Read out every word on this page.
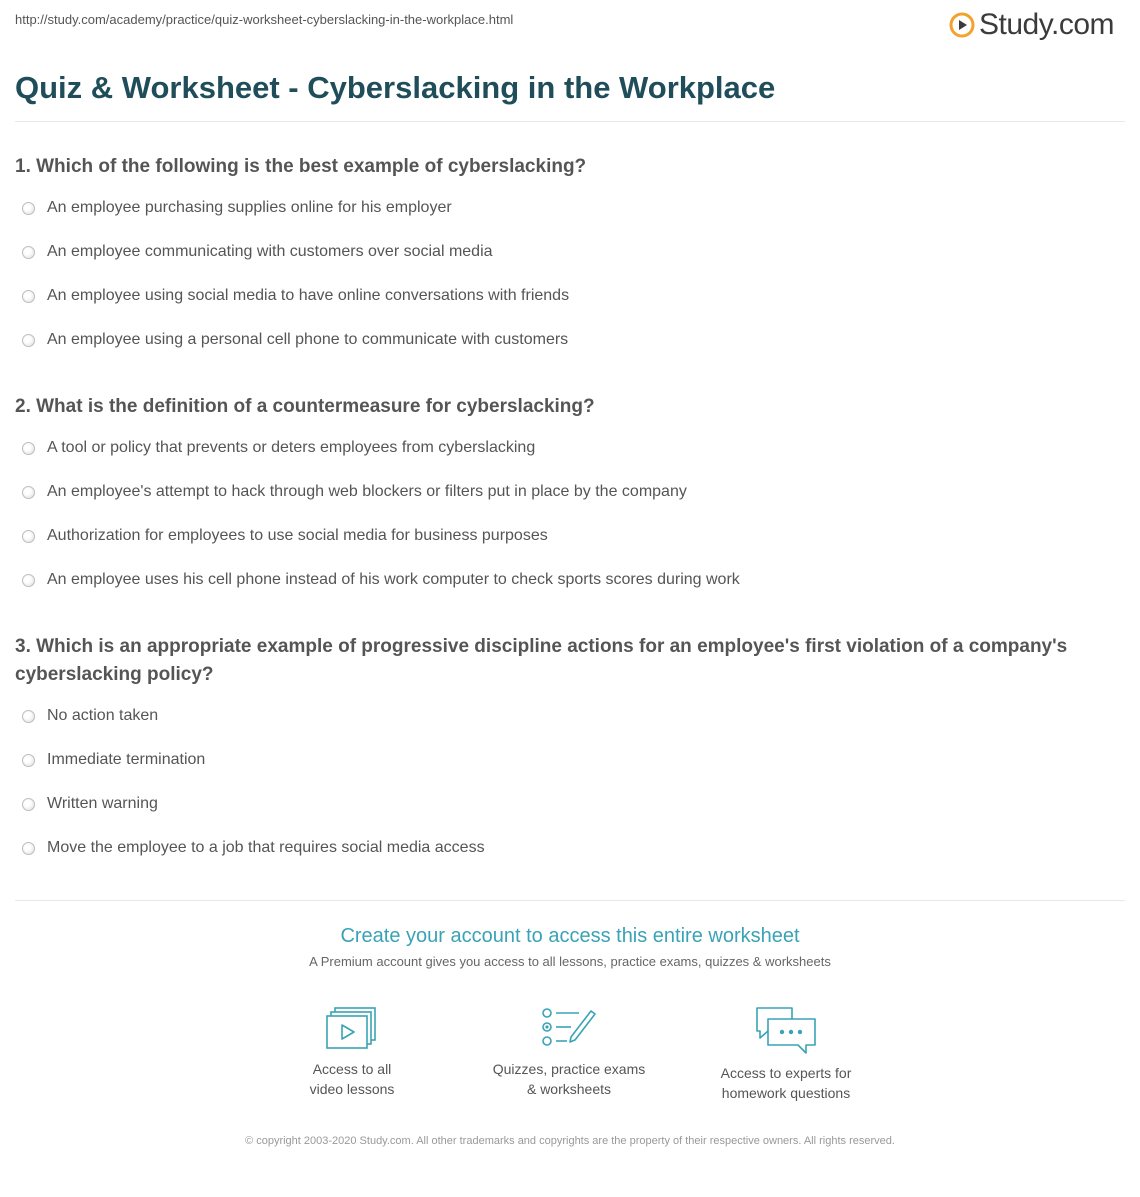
http://study.com/academy/practice/quiz-worksheet-cyberslacking-in-the-workplace.html	Study.com
Quiz & Worksheet - Cyberslacking in the Workplace
1. Which of the following is the best example of cyberslacking?
An employee purchasing supplies online for his employer
An employee communicating with customers over social media
An employee using social media to have online conversations with friends
An employee using a personal cell phone to communicate with customers
2. What is the definition of a countermeasure for cyberslacking?
A tool or policy that prevents or deters employees from cyberslacking
An employee's attempt to hack through web blockers or filters put in place by the company
Authorization for employees to use social media for business purposes
An employee uses his cell phone instead of his work computer to check sports scores during work
3. Which is an appropriate example of progressive discipline actions for an employee's first violation of a company's cyberslacking policy?
No action taken
Immediate termination
Written warning
Move the employee to a job that requires social media access
Create your account to access this entire worksheet
A Premium account gives you access to all lessons, practice exams, quizzes & worksheets
Access to all
video lessons
Quizzes, practice exams
& worksheets
Access to experts for
homework questions
© copyright 2003-2020 Study.com. All other trademarks and copyrights are the property of their respective owners. All rights reserved.
